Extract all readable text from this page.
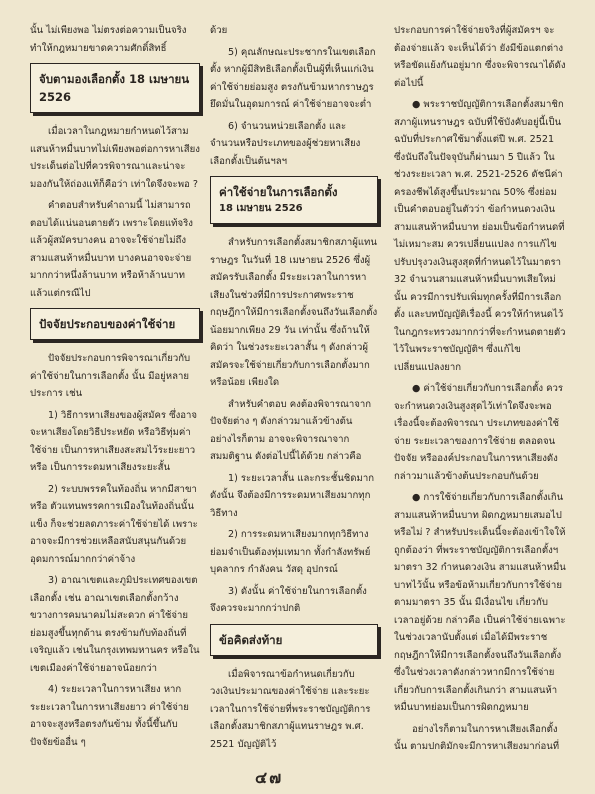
นั้น ไม่เพียงพอ ไม่ตรงต่อความเป็นจริง ทำให้กฎหมายขาดความศักดิ์สิทธิ์

จับตามองเลือกตั้ง 18 เมษายน 2526

เมื่อเวลาในกฎหมายกำหนดไว้สามแสนห้าหมื่นบาทไม่เพียงพอต่อการหาเสียง ประเด็นต่อไปที่ควรพิจารณาและน่าจะมองกันให้ถ่องแท้ก็คือว่า เท่าใดจึงจะพอ ?

คำตอบสำหรับคำถามนี้ ไม่สามารถตอบได้แน่นอนตายตัว เพราะโดยแท้จริงแล้วผู้สมัครบางคน อาจจะใช้จ่ายไม่ถึงสามแสนห้าหมื่นบาท บางคนอาจจะจ่ายมากกว่าหนึ่งล้านบาท หรือห้าล้านบาท แล้วแต่กรณีไป

ปัจจัยประกอบของค่าใช้จ่าย

ปัจจัยประกอบการพิจารณาเกี่ยวกับค่าใช้จ่ายในการเลือกตั้ง นั้น มีอยู่หลายประการ เช่น

1) วิธีการหาเสียงของผู้สมัคร ซึ่งอาจจะหาเสียงโดยวิธีประหยัด หรือวิธีทุ่มค่าใช้จ่าย เป็นการหาเสียงสะสมไว้ระยะยาว หรือ เป็นการระดมหาเสียงระยะสั้น

2) ระบบพรรคในท้องถิ่น หากมีสาขาหรือ ตัวแทนพรรคการเมืองในท้องถิ่นนั้นแข็ง ก็จะช่วยลดภาระค่าใช้จ่ายได้ เพราะอาจจะมีการช่วยเหลือสนับสนุนกันด้วยอุดมการณ์มากกว่าค่าจ้าง

3) อาณาเขตและภูมิประเทศของเขตเลือกตั้ง เช่น อาณาเขตเลือกตั้งกว้างขวางการคมนาคมไม่สะดวก ค่าใช้จ่ายย่อมสูงขึ้นทุกด้าน ตรงข้ามกับท้องถิ่นที่เจริญแล้ว เช่นในกรุงเทพมหานคร หรือในเขตเมืองค่าใช้จ่ายอาจน้อยกว่า

4) ระยะเวลาในการหาเสียง หากระยะเวลาในการหาเสียงยาว ค่าใช้จ่ายอาจจะสูงหรือตรงกันข้าม ทั้งนี้ขึ้นกับปัจจัยข้ออื่น ๆ

ด้วย

5) คุณลักษณะประชากรในเขตเลือกตั้ง หากผู้มีสิทธิเลือกตั้งเป็นผู้ที่เห็นแก่เงินค่าใช้จ่ายย่อมสูง ตรงกันข้ามหากราษฎรยึดมั่นในอุดมการณ์ ค่าใช้จ่ายอาจจะต่ำ

6) จำนวนหน่วยเลือกตั้ง และ จำนวนหรือประเภทของผู้ช่วยหาเสียงเลือกตั้งเป็นต้นฯลฯ

ค่าใช้จ่ายในการเลือกตั้ง
18 เมษายน 2526

สำหรับการเลือกตั้งสมาชิกสภาผู้แทนราษฎร ในวันที่ 18 เมษายน 2526 ซึ่งผู้สมัครรับเลือกตั้ง มีระยะเวลาในการหาเสียงในช่วงที่มีการประกาศพระราชกฤษฎีกาให้มีการเลือกตั้งจนถึงวันเลือกตั้งน้อยมากเพียง 29 วัน เท่านั้น ซึ่งถ้านให้คิดว่า ในช่วงระยะเวลาสั้น ๆ ดังกล่าวผู้สมัครจะใช้จ่ายเกี่ยวกับการเลือกตั้งมากหรือน้อย เพียงใด

สำหรับคำตอบ คงต้องพิจารณาจากปัจจัยต่าง ๆ ดังกล่าวมาแล้วข้างต้น อย่างไรก็ตาม อาจจะพิจารณาจากสมมติฐาน ดังต่อไปนี้ได้ด้วย กล่าวคือ

1) ระยะเวลาสั้น และกระชั้นชิดมากดังนั้น จึงต้องมีการระดมหาเสียงมากทุกวิธีทาง

2) การระดมหาเสียงมากทุกวิธีทางย่อมจำเป็นต้องทุ่มเทมาก ทั้งกำลังทรัพย์บุคลากร กำลังคน วัสดุ อุปกรณ์

3) ดังนั้น ค่าใช้จ่ายในการเลือกตั้ง จึงควรจะมากกว่าปกติ

ข้อคิดส่งท้าย

เมื่อพิจารณาข้อกำหนดเกี่ยวกับวงเงินประมาณของค่าใช้จ่าย และระยะเวลาในการใช้จ่ายที่พระราชบัญญัติการเลือกตั้งสมาชิกสภาผู้แทนราษฎร พ.ศ. 2521 บัญญัติไว้

ประกอบการค่าใช้จ่ายจริงที่ผู้สมัครฯ จะต้องจ่ายแล้ว จะเห็นได้ว่า ยังมีข้อแตกต่าง หรือขัดแย้งกันอยู่มาก ซึ่งจะพิจารณาได้ดังต่อไปนี้

● พระราชบัญญัติการเลือกตั้งสมาชิกสภาผู้แทนราษฎร ฉบับที่ใช้บังคับอยู่นี้เป็นฉบับที่ประกาศใช้มาตั้งแต่ปี พ.ศ. 2521 ซึ่งนับถึงในปัจจุบันก็ผ่านมา 5 ปีแล้ว ในช่วงระยะเวลา พ.ศ. 2521-2526 ดัชนีค่าครองชีพได้สูงขึ้นประมาณ 50% ซึ่งย่อมเป็นคำตอบอยู่ในตัวว่า ข้อกำหนดวงเงินสามแสนห้าหมื่นบาท ย่อมเป็นข้อกำหนดที่ไม่เหมาะสม ควรเปลี่ยนแปลง การแก้ไขปรับปรุงวงเงินสูงสุดที่กำหนดไว้ในมาตรา 32 จำนวนสามแสนห้าหมื่นบาทเสียใหม่นั้น ควรมีการปรับเพิ่มทุกครั้งที่มีการเลือกตั้ง และบทบัญญัติเรื่องนี้ ควรให้กำหนดไว้ในกฎกระทรวงมากกว่าที่จะกำหนดตายตัวไว้ในพระราชบัญญัติฯ ซึ่งแก้ไขเปลี่ยนแปลงยาก

● ค่าใช้จ่ายเกี่ยวกับการเลือกตั้ง ควรจะกำหนดวงเงินสูงสุดไว้เท่าใดจึงจะพอ เรื่องนี้จะต้องพิจารณา ประเภทของค่าใช้จ่าย ระยะเวลาของการใช้จ่าย ตลอดจนปัจจัย หรือองค์ประกอบในการหาเสียงดังกล่าวมาแล้วข้างต้นประกอบกันด้วย

● การใช้จ่ายเกี่ยวกับการเลือกตั้งเกินสามแสนห้าหมื่นบาท ผิดกฎหมายเสมอไปหรือไม่ ? สำหรับประเด็นนี้จะต้องเข้าใจให้ถูกต้องว่า ที่พระราชบัญญัติการเลือกตั้งฯ มาตรา 32 กำหนดวงเงิน สามแสนห้าหมื่นบาทไว้นั้น หรือข้อห้ามเกี่ยวกับการใช้จ่ายตามมาตรา 35 นั้น มีเงื่อนไข เกี่ยวกับเวลาอยู่ด้วย กล่าวคือ เป็นค่าใช้จ่ายเฉพาะในช่วงเวลานับตั้งแต่ เมื่อได้มีพระราชกฤษฎีกาให้มีการเลือกตั้งจนถึงวันเลือกตั้ง ซึ่งในช่วงเวลาดังกล่าวหากมีการใช้จ่ายเกี่ยวกับการเลือกตั้งเกินกว่า สามแสนห้าหมื่นบาทย่อมเป็นการผิดกฎหมาย

อย่างไรก็ตามในการหาเสียงเลือกตั้งนั้น ตามปกติมักจะมีการหาเสียงมาก่อนที่

๔๗
